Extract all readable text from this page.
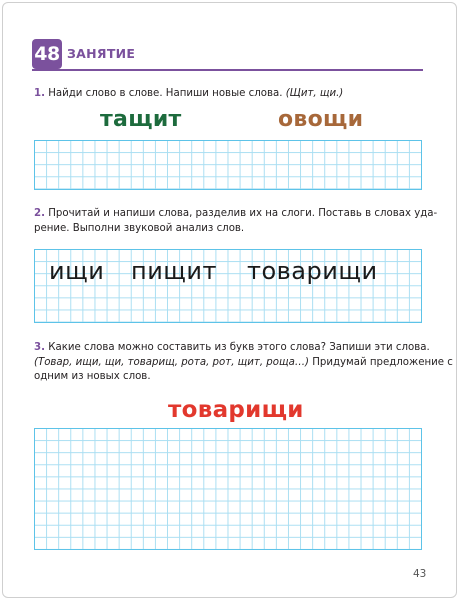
48 ЗАНЯТИЕ
1. Найди слово в слове. Напиши новые слова. (Щит, щи.)
тащит	овощи
2. Прочитай и напиши слова, разделив их на слоги. Поставь в словах уда-
рение. Выполни звуковой анализ слов.
ищи пищит товарищи
3. Какие слова можно составить из букв этого слова? Запиши эти слова.
(Товар, ищи, щи, товарищ, рота, рот, щит, роща…) Придумай предложение с
одним из новых слов.
товарищи
43
